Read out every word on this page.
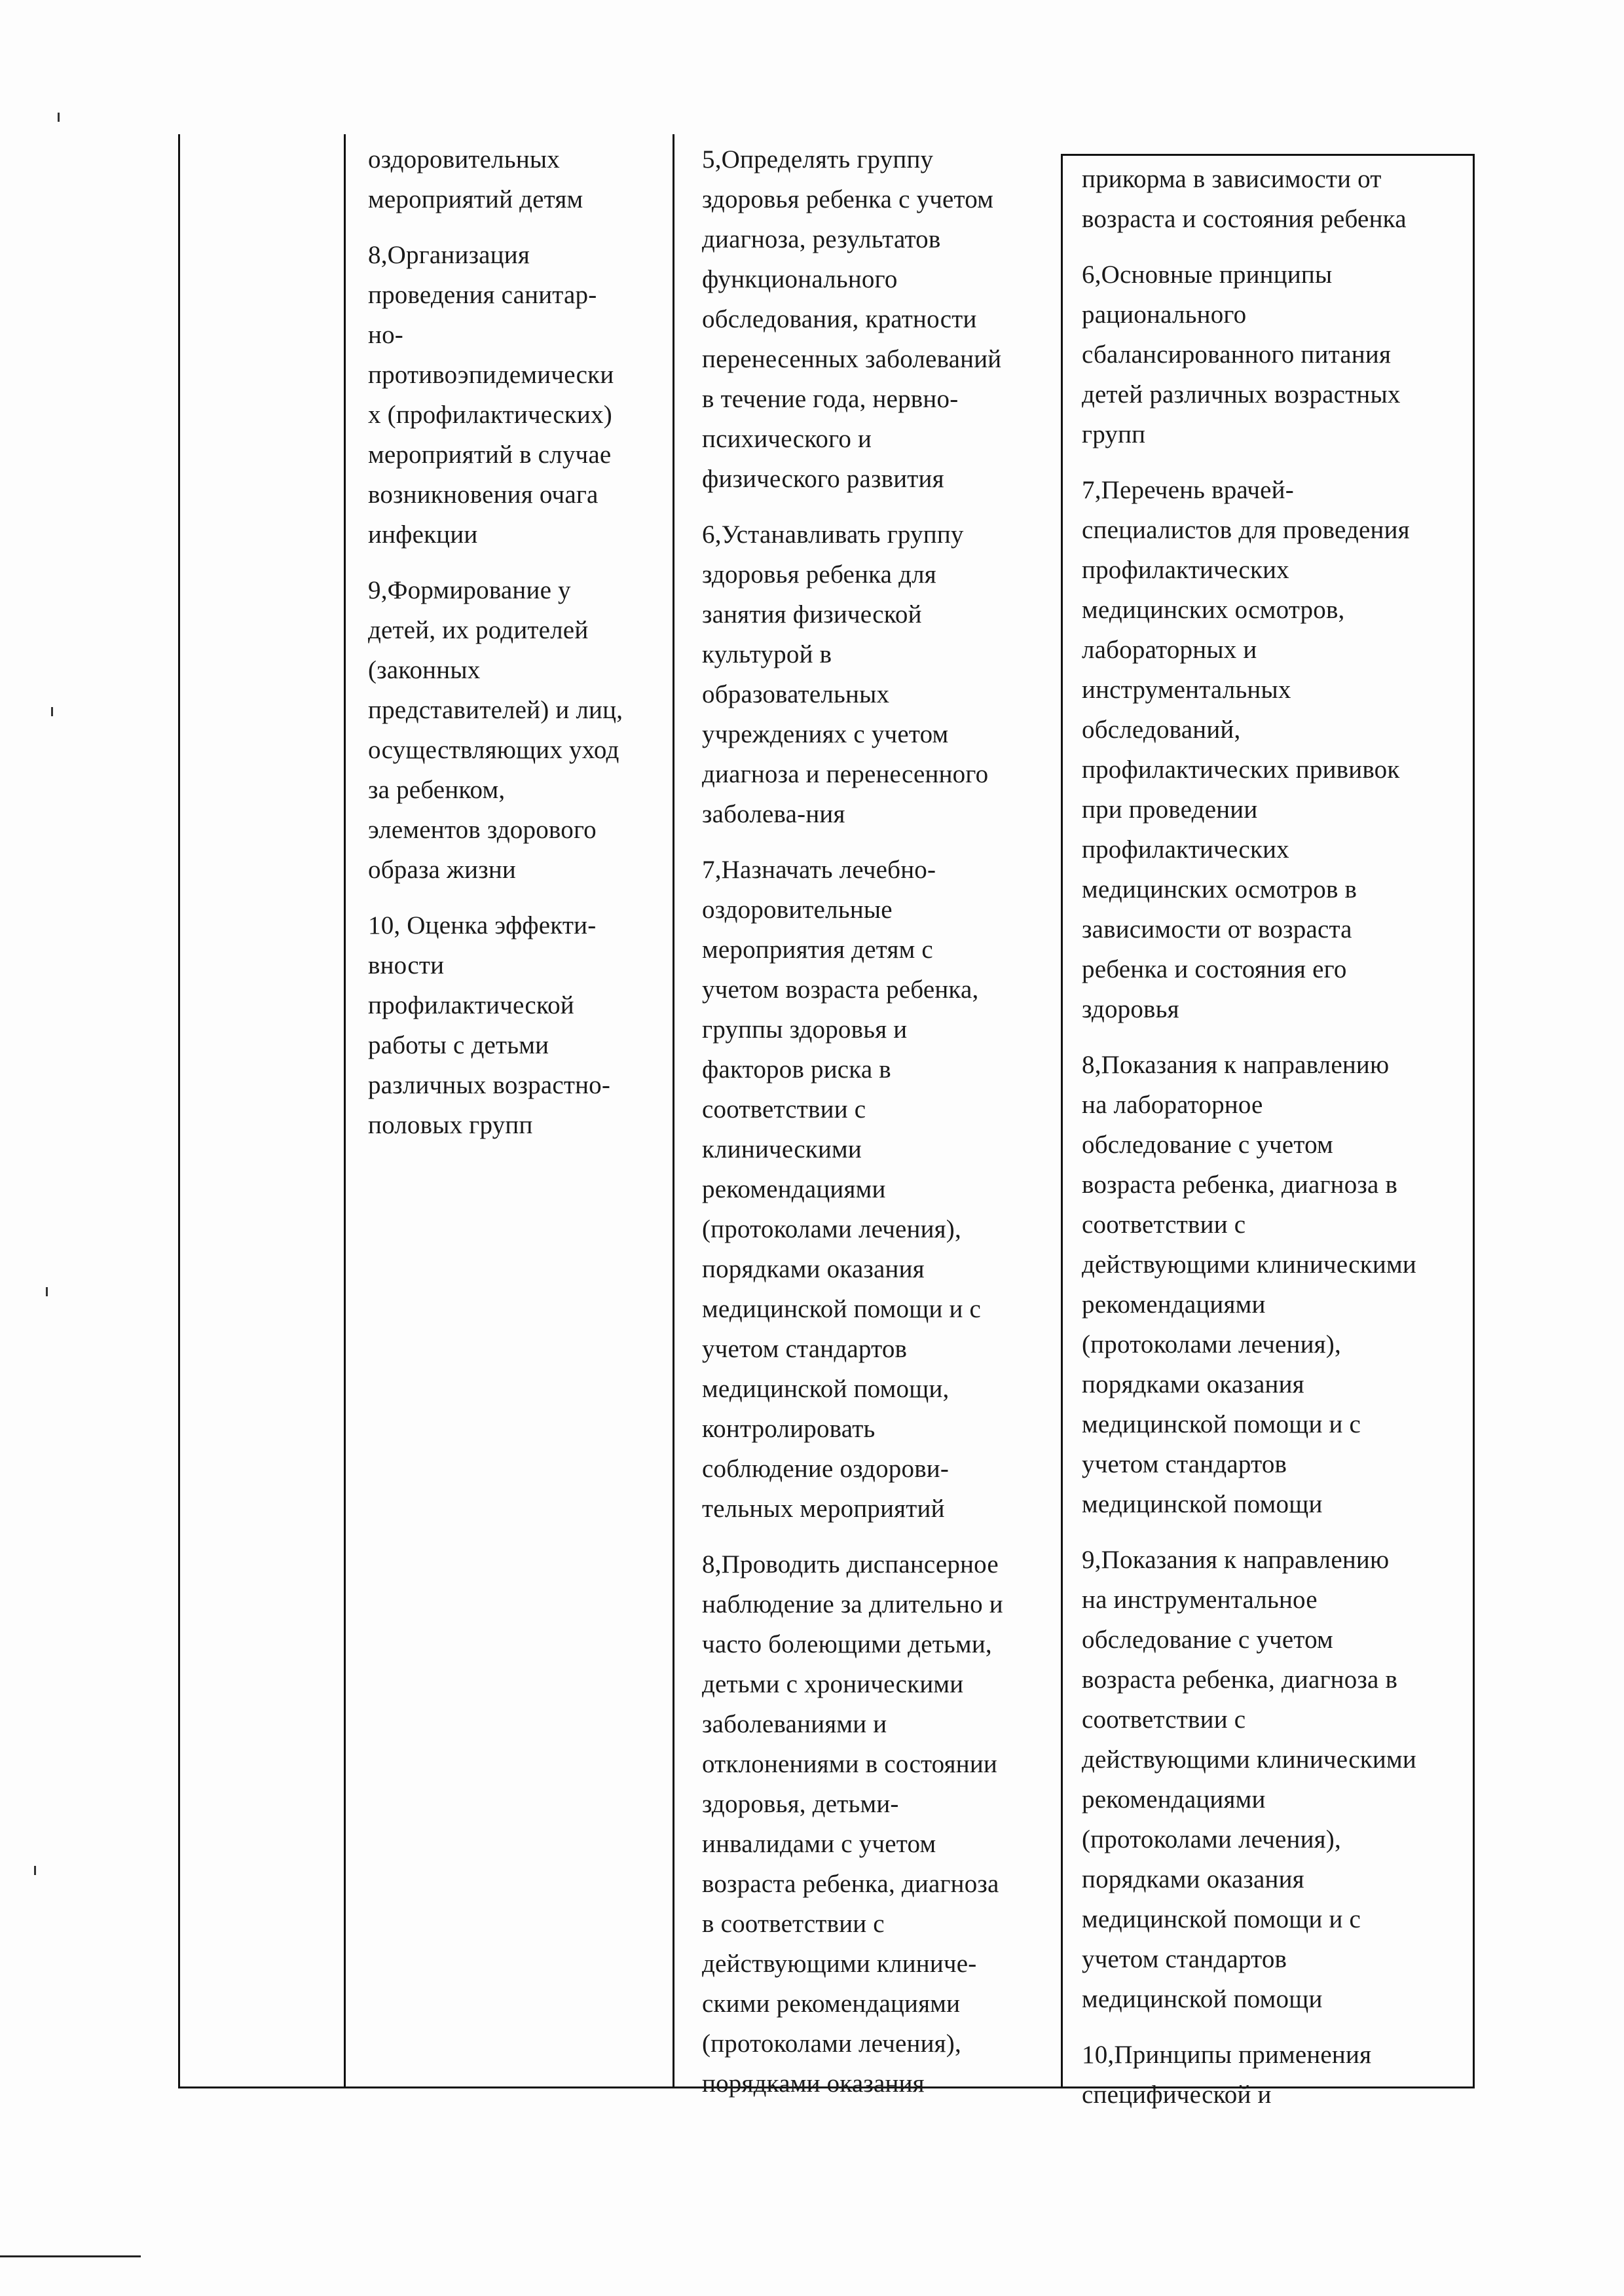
оздоровительных
мероприятий детям

8,Организация
проведения санитар-
но-
противоэпидемически
х (профилактических)
мероприятий в случае
возникновения очага
инфекции

9,Формирование у
детей, их родителей
(законных
представителей) и лиц,
осуществляющих уход
за ребенком,
элементов здорового
образа жизни

10, Оценка эффекти-
вности
профилактической
работы с детьми
различных возрастно-
половых групп

5,Определять группу
здоровья ребенка с учетом
диагноза, результатов
функционального
обследования, кратности
перенесенных заболеваний
в течение года, нервно-
психического и
физического развития

6,Устанавливать группу
здоровья ребенка для
занятия физической
культурой в
образовательных
учреждениях с учетом
диагноза и перенесенного
заболева-ния

7,Назначать лечебно-
оздоровительные
мероприятия детям с
учетом возраста ребенка,
группы здоровья и
факторов риска в
соответствии с
клиническими
рекомендациями
(протоколами лечения),
порядками оказания
медицинской помощи и с
учетом стандартов
медицинской помощи,
контролировать
соблюдение оздорови-
тельных мероприятий

8,Проводить диспансерное
наблюдение за длительно и
часто болеющими детьми,
детьми с хроническими
заболеваниями и
отклонениями в состоянии
здоровья, детьми-
инвалидами с учетом
возраста ребенка, диагноза
в соответствии с
действующими клиниче-
скими рекомендациями
(протоколами лечения),
порядками оказания

прикорма в зависимости от
возраста и состояния ребенка

6,Основные принципы
рационального
сбалансированного питания
детей различных возрастных
групп

7,Перечень врачей-
специалистов для проведения
профилактических
медицинских осмотров,
лабораторных и
инструментальных
обследований,
профилактических прививок
при проведении
профилактических
медицинских осмотров в
зависимости от возраста
ребенка и состояния его
здоровья

8,Показания к направлению
на лабораторное
обследование с учетом
возраста ребенка, диагноза в
соответствии с
действующими клиническими
рекомендациями
(протоколами лечения),
порядками оказания
медицинской помощи и с
учетом стандартов
медицинской помощи

9,Показания к направлению
на инструментальное
обследование с учетом
возраста ребенка, диагноза в
соответствии с
действующими клиническими
рекомендациями
(протоколами лечения),
порядками оказания
медицинской помощи и с
учетом стандартов
медицинской помощи

10,Принципы применения
специфической и
